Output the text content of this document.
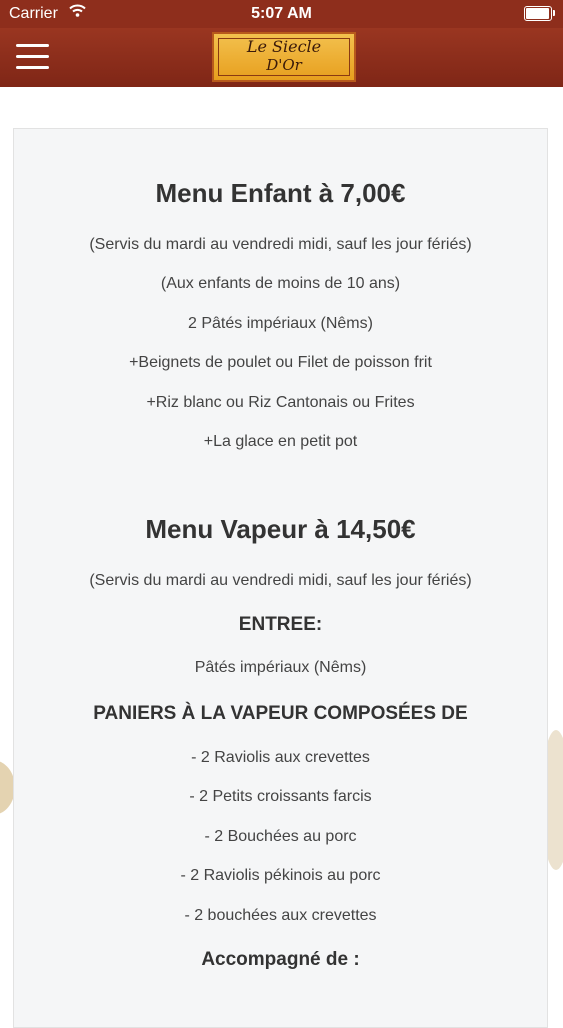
Carrier	5:07 AM
Le Siecle
D'Or
Menu Enfant à 7,00€
(Servis du mardi au vendredi midi, sauf les jour fériés)
(Aux enfants de moins de 10 ans)
2 Pâtés impériaux (Nêms)
+Beignets de poulet ou Filet de poisson frit
+Riz blanc ou Riz Cantonais ou Frites
+La glace en petit pot
Menu Vapeur à 14,50€
(Servis du mardi au vendredi midi, sauf les jour fériés)
ENTREE:
Pâtés impériaux (Nêms)
PANIERS À LA VAPEUR COMPOSÉES DE
- 2 Raviolis aux crevettes
- 2 Petits croissants farcis
- 2 Bouchées au porc
- 2 Raviolis pékinois au porc
- 2 bouchées aux crevettes
Accompagné de :
